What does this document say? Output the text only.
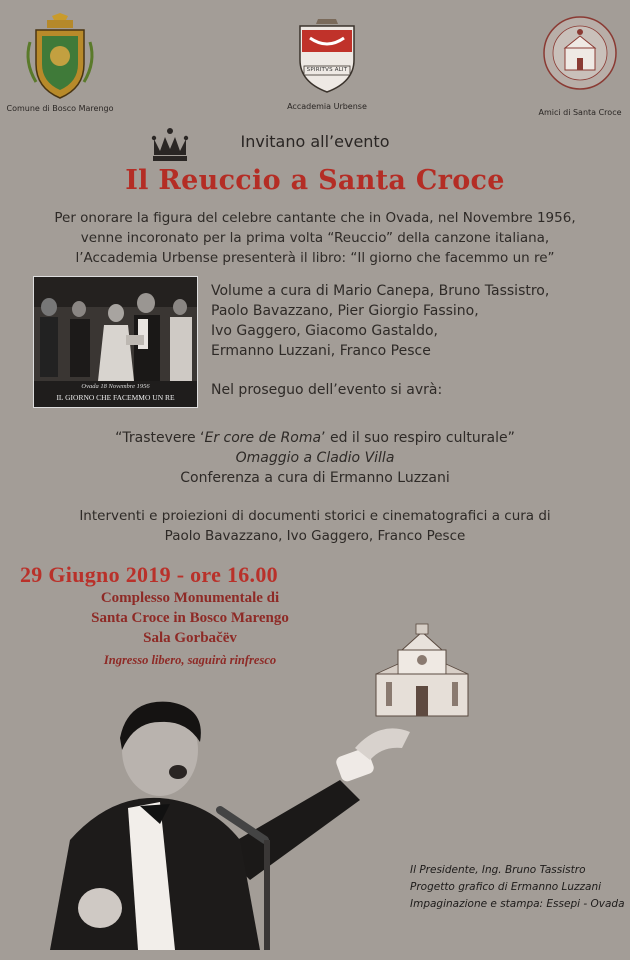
Comune di Bosco Marengo
SPIRITVS ALIT
Accademia Urbense
Amici di Santa Croce
Invitano all’evento
Il Reuccio a Santa Croce
Per onorare la figura del celebre cantante che in Ovada, nel Novembre 1956,
venne incoronato per la prima volta “Reuccio” della canzone italiana,
l’Accademia Urbense presenterà il libro: “Il giorno che facemmo un re”
Ovada 18 Novembre 1956
IL GIORNO CHE FACEMMO UN RE
Volume a cura di Mario Canepa, Bruno Tassistro,
Paolo Bavazzano, Pier Giorgio Fassino,
Ivo Gaggero, Giacomo Gastaldo,
Ermanno Luzzani, Franco Pesce
Nel proseguo dell’evento si avrà:
“Trastevere ‘Er core de Roma’ ed il suo respiro culturale”
Omaggio a Cladio Villa
Conferenza a cura di Ermanno Luzzani
Interventi e proiezioni di documenti storici e cinematografici a cura di
Paolo Bavazzano, Ivo Gaggero, Franco Pesce
29 Giugno 2019 - ore 16.00
Complesso Monumentale di
Santa Croce in Bosco Marengo
Sala Gorbačëv
Ingresso libero, saguirà rinfresco
Il Presidente, Ing. Bruno Tassistro
Progetto grafico di Ermanno Luzzani
Impaginazione e stampa: Essepi - Ovada
